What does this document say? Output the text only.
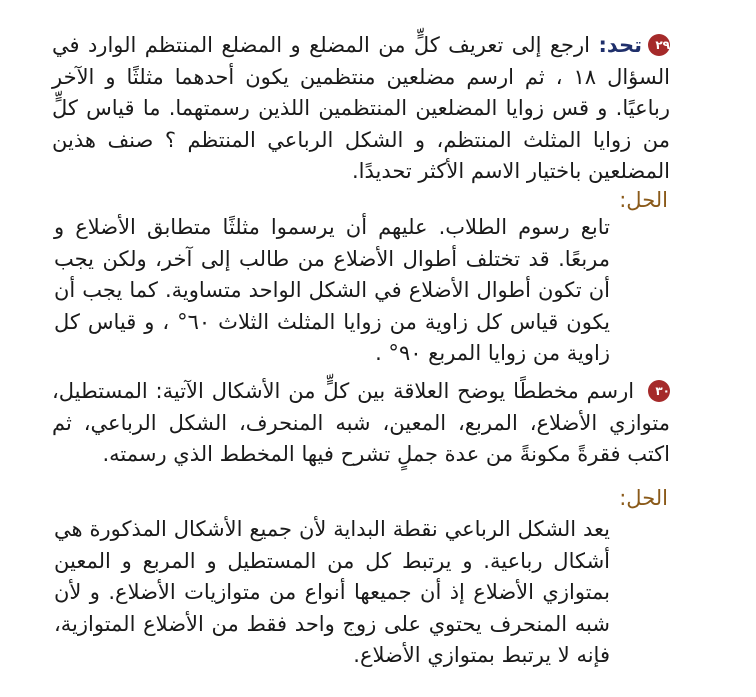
٢٩تحد: ارجع إلى تعريف كلٍّ من المضلع و المضلع المنتظم الوارد في السؤال ١٨ ، ثم ارسم مضلعين منتظمين يكون أحدهما مثلثًا و الآخر رباعيًا. و قس زوايا المضلعين المنتظمين اللذين رسمتهما. ما قياس كلٍّ من زوايا المثلث المنتظم، و الشكل الرباعي المنتظم ؟ صنف هذين المضلعين باختيار الاسم الأكثر تحديدًا.

الحل:

تابع رسوم الطلاب. عليهم أن يرسموا مثلثًا متطابق الأضلاع و مربعًا. قد تختلف أطوال الأضلاع من طالب إلى آخر، ولكن يجب أن تكون أطوال الأضلاع في الشكل الواحد متساوية. كما يجب أن يكون قياس كل زاوية من زوايا المثلث الثلاث ٦٠° ، و قياس كل زاوية من زوايا المربع ٩٠° .

٣٠ ارسم مخططًا يوضح العلاقة بين كلٍّ من الأشكال الآتية: المستطيل، متوازي الأضلاع، المربع، المعين، شبه المنحرف، الشكل الرباعي، ثم اكتب فقرةً مكونةً من عدة جملٍ تشرح فيها المخطط الذي رسمته.

الحل:

يعد الشكل الرباعي نقطة البداية لأن جميع الأشكال المذكورة هي أشكال رباعية. و يرتبط كل من المستطيل و المربع و المعين بمتوازي الأضلاع إذ أن جميعها أنواع من متوازيات الأضلاع. و لأن شبه المنحرف يحتوي على زوج واحد فقط من الأضلاع المتوازية، فإنه لا يرتبط بمتوازي الأضلاع.
